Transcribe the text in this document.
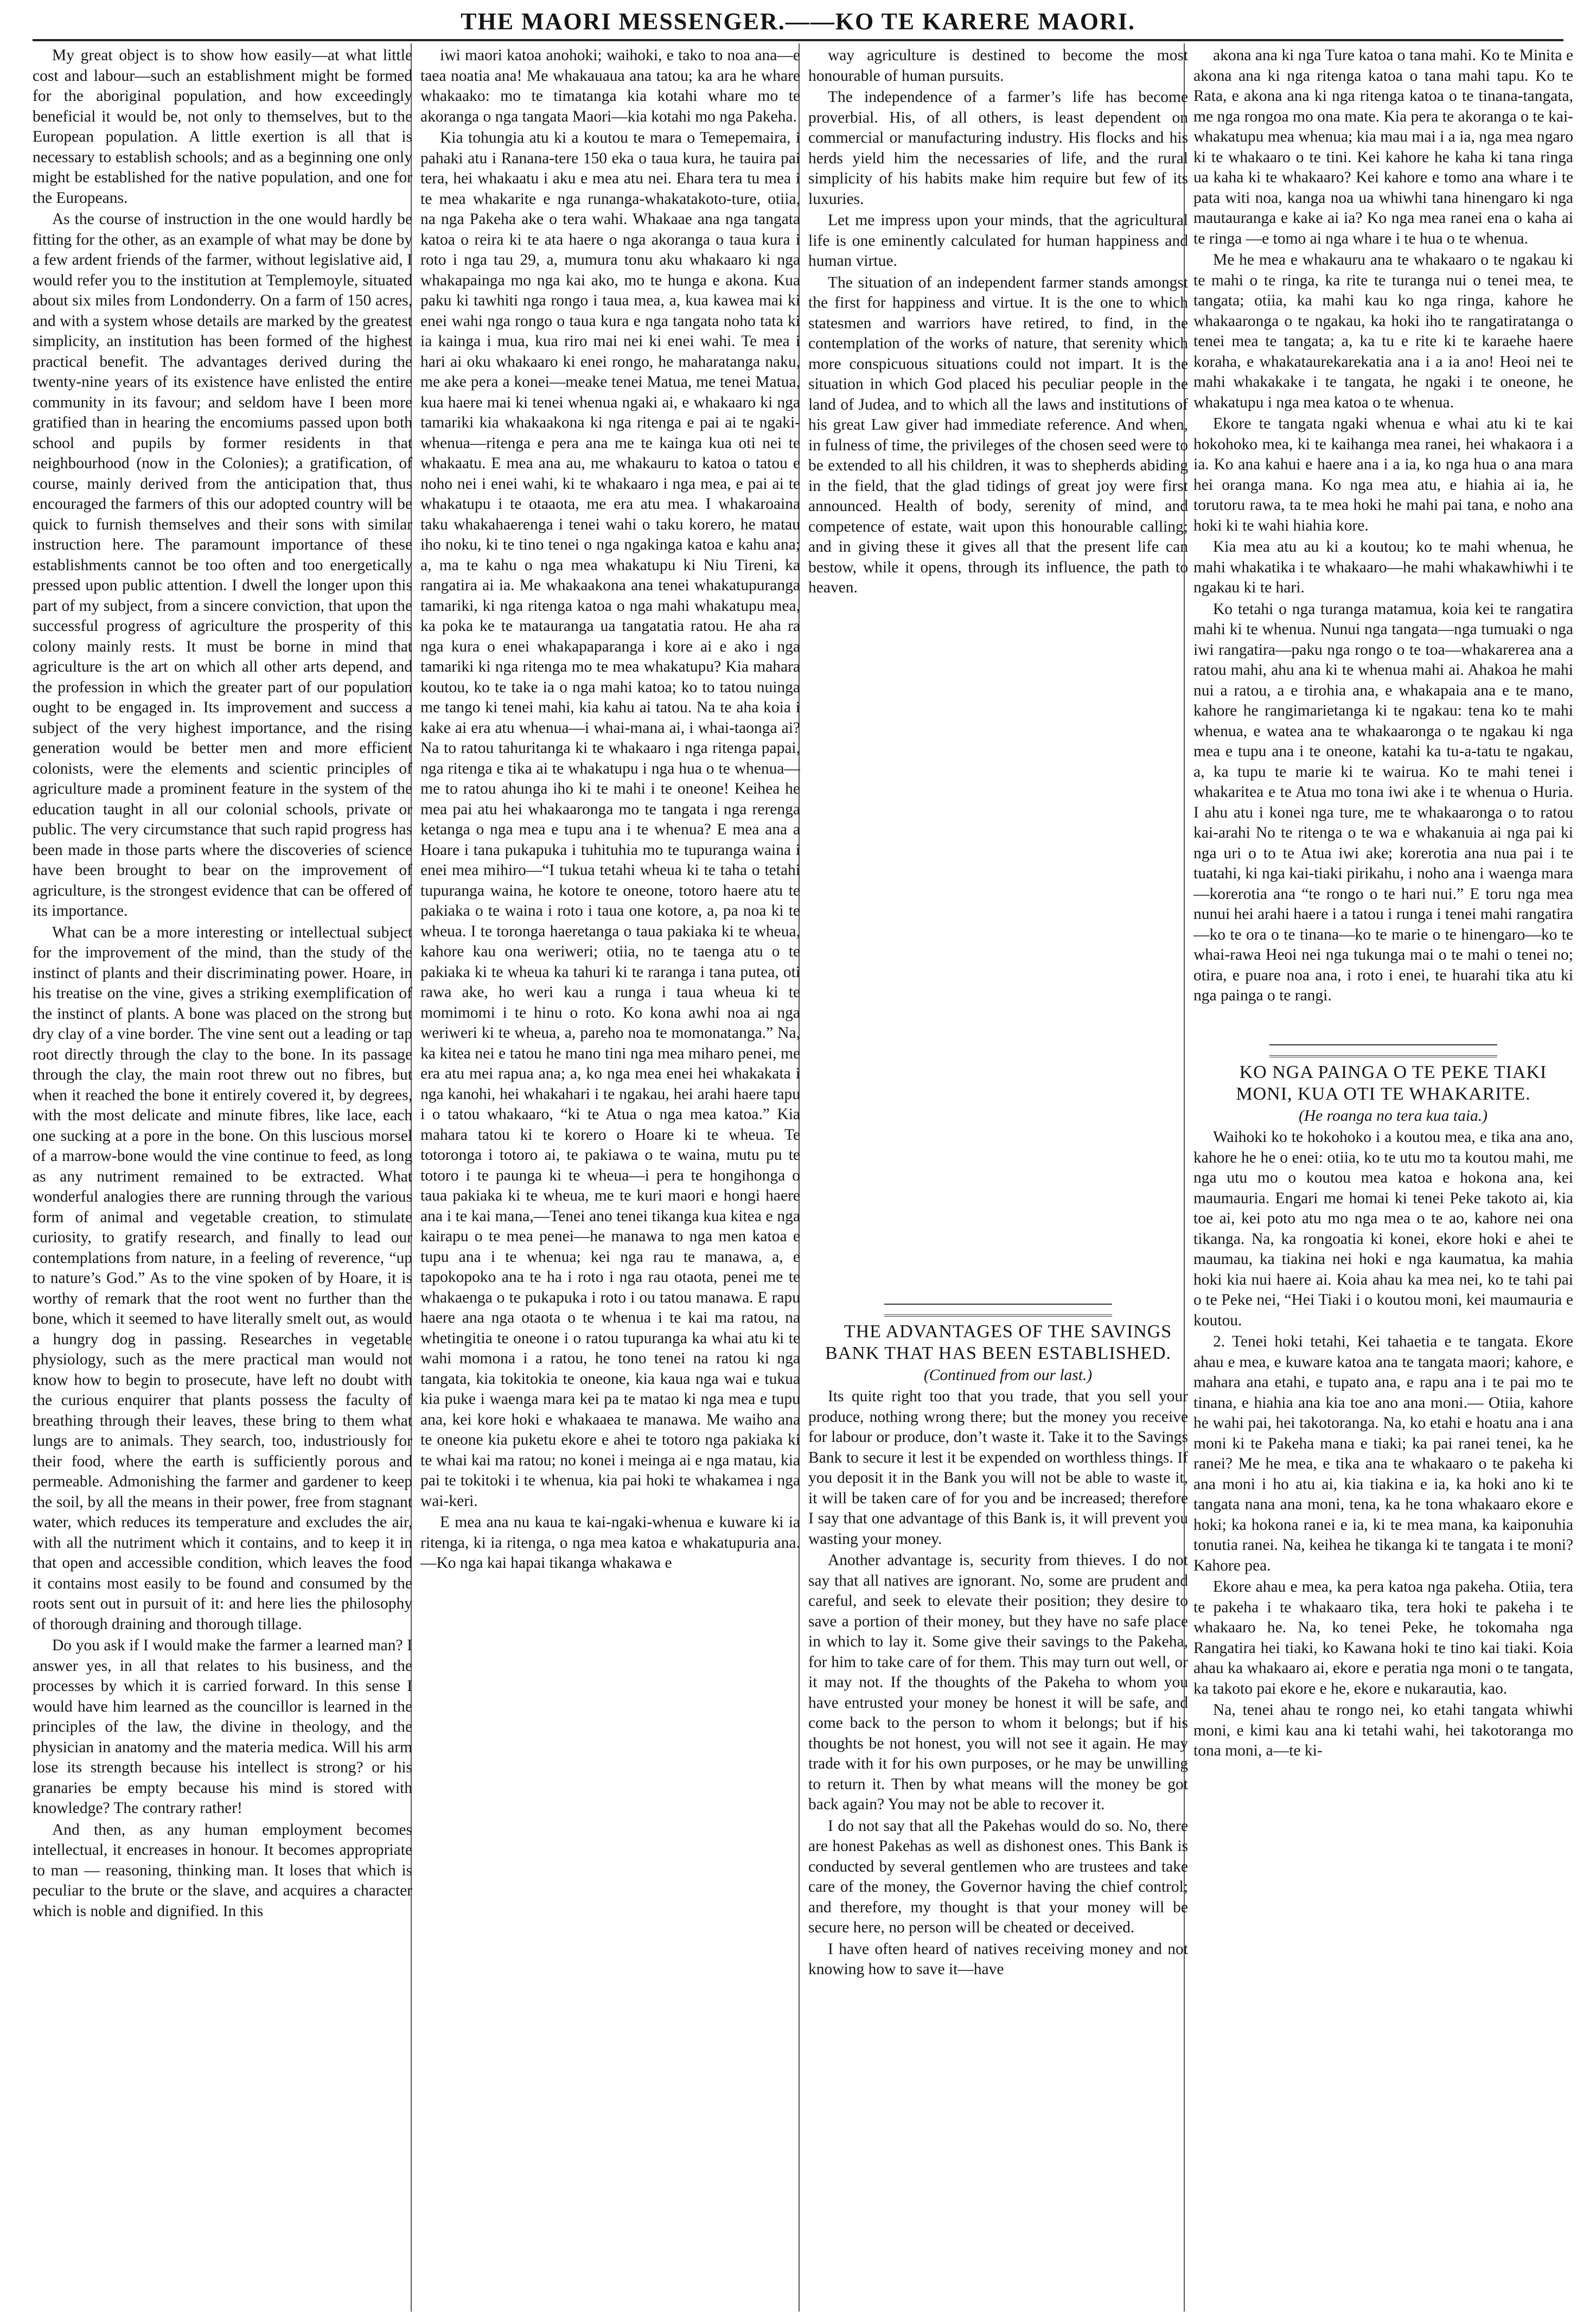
THE MAORI MESSENGER.——KO TE KARERE MAORI.

My great object is to show how easily—at what little cost and labour—such an establishment might be formed for the aboriginal population, and how exceedingly beneficial it would be, not only to themselves, but to the European population. A little exertion is all that is necessary to establish schools; and as a beginning one only might be established for the native population, and one for the Europeans.

As the course of instruction in the one would hardly be fitting for the other, as an example of what may be done by a few ardent friends of the farmer, without legislative aid, I would refer you to the institution at Templemoyle, situated about six miles from Londonderry. On a farm of 150 acres, and with a system whose details are marked by the greatest simplicity, an institution has been formed of the highest practical benefit. The advantages derived during the twenty-nine years of its existence have enlisted the entire community in its favour; and seldom have I been more gratified than in hearing the encomiums passed upon both school and pupils by former residents in that neighbourhood (now in the Colonies); a gratification, of course, mainly derived from the anticipation that, thus encouraged the farmers of this our adopted country will be quick to furnish themselves and their sons with similar instruction here. The paramount importance of these establishments cannot be too often and too energetically pressed upon public attention. I dwell the longer upon this part of my subject, from a sincere conviction, that upon the successful progress of agriculture the prosperity of this colony mainly rests. It must be borne in mind that agriculture is the art on which all other arts depend, and the profession in which the greater part of our population ought to be engaged in. Its improvement and success a subject of the very highest importance, and the rising generation would be better men and more efficient colonists, were the elements and scientic principles of agriculture made a prominent feature in the system of the education taught in all our colonial schools, private or public. The very circumstance that such rapid progress has been made in those parts where the discoveries of science have been brought to bear on the improvement of agriculture, is the strongest evidence that can be offered of its importance.

What can be a more interesting or intellectual subject for the improvement of the mind, than the study of the instinct of plants and their discriminating power. Hoare, in his treatise on the vine, gives a striking exemplification of the instinct of plants. A bone was placed on the strong but dry clay of a vine border. The vine sent out a leading or tap root directly through the clay to the bone. In its passage through the clay, the main root threw out no fibres, but when it reached the bone it entirely covered it, by degrees, with the most delicate and minute fibres, like lace, each one sucking at a pore in the bone. On this luscious morsel of a marrow-bone would the vine continue to feed, as long as any nutriment remained to be extracted. What wonderful analogies there are running through the various form of animal and vegetable creation, to stimulate curiosity, to gratify research, and finally to lead our contemplations from nature, in a feeling of reverence, “up to nature’s God.” As to the vine spoken of by Hoare, it is worthy of remark that the root went no further than the bone, which it seemed to have literally smelt out, as would a hungry dog in passing. Researches in vegetable physiology, such as the mere practical man would not know how to begin to prosecute, have left no doubt with the curious enquirer that plants possess the faculty of breathing through their leaves, these bring to them what lungs are to animals. They search, too, industriously for their food, where the earth is sufficiently porous and permeable. Admonishing the farmer and gardener to keep the soil, by all the means in their power, free from stagnant water, which reduces its temperature and excludes the air, with all the nutriment which it contains, and to keep it in that open and accessible condition, which leaves the food it contains most easily to be found and consumed by the roots sent out in pursuit of it: and here lies the philosophy of thorough draining and thorough tillage.

Do you ask if I would make the farmer a learned man? I answer yes, in all that relates to his business, and the processes by which it is carried forward. In this sense I would have him learned as the councillor is learned in the principles of the law, the divine in theology, and the physician in anatomy and the materia medica. Will his arm lose its strength because his intellect is strong? or his granaries be empty because his mind is stored with knowledge? The contrary rather!

And then, as any human employment becomes intellectual, it encreases in honour. It becomes appropriate to man — reasoning, thinking man. It loses that which is peculiar to the brute or the slave, and acquires a character which is noble and dignified. In this

iwi maori katoa anohoki; waihoki, e tako to noa ana—e taea noatia ana! Me whakauaua ana tatou; ka ara he whare whakaako: mo te timatanga kia kotahi whare mo te akoranga o nga tangata Maori—kia kotahi mo nga Pakeha.

Kia tohungia atu ki a koutou te mara o Temepemaira, i pahaki atu i Ranana-tere 150 eka o taua kura, he tauira pai tera, hei whakaatu i aku e mea atu nei. Ehara tera tu mea i te mea whakarite e nga runanga-whakatakoto-ture, otiia, na nga Pakeha ake o tera wahi. Whakaae ana nga tangata katoa o reira ki te ata haere o nga akoranga o taua kura i roto i nga tau 29, a, mumura tonu aku whakaaro ki nga whakapainga mo nga kai ako, mo te hunga e akona. Kua paku ki tawhiti nga rongo i taua mea, a, kua kawea mai ki enei wahi nga rongo o taua kura e nga tangata noho tata ki ia kainga i mua, kua riro mai nei ki enei wahi. Te mea i hari ai oku whakaaro ki enei rongo, he maharatanga naku, me ake pera a konei—meake tenei Matua, me tenei Matua, kua haere mai ki tenei whenua ngaki ai, e whakaaro ki nga tamariki kia whakaakona ki nga ritenga e pai ai te ngaki-whenua—ritenga e pera ana me te kainga kua oti nei te whakaatu. E mea ana au, me whakauru to katoa o tatou e noho nei i enei wahi, ki te whakaaro i nga mea, e pai ai te whakatupu i te otaaota, me era atu mea. I whakaroaina taku whakahaerenga i tenei wahi o taku korero, he matau iho noku, ki te tino tenei o nga ngakinga katoa e kahu ana; a, ma te kahu o nga mea whakatupu ki Niu Tireni, ka rangatira ai ia. Me whakaakona ana tenei whakatupuranga tamariki, ki nga ritenga katoa o nga mahi whakatupu mea, ka poka ke te matauranga ua tangatatia ratou. He aha ra nga kura o enei whakapaparanga i kore ai e ako i nga tamariki ki nga ritenga mo te mea whakatupu? Kia mahara koutou, ko te take ia o nga mahi katoa; ko to tatou nuinga me tango ki tenei mahi, kia kahu ai tatou. Na te aha koia i kake ai era atu whenua—i whai-mana ai, i whai-taonga ai? Na to ratou tahuritanga ki te whakaaro i nga ritenga papai, nga ritenga e tika ai te whakatupu i nga hua o te whenua—me to ratou ahunga iho ki te mahi i te oneone! Keihea he mea pai atu hei whakaaronga mo te tangata i nga rerenga ketanga o nga mea e tupu ana i te whenua? E mea ana a Hoare i tana pukapuka i tuhituhia mo te tupuranga waina i enei mea mihiro—“I tukua tetahi wheua ki te taha o tetahi tupuranga waina, he kotore te oneone, totoro haere atu te pakiaka o te waina i roto i taua one kotore, a, pa noa ki te wheua. I te toronga haeretanga o taua pakiaka ki te wheua, kahore kau ona weriweri; otiia, no te taenga atu o te pakiaka ki te wheua ka tahuri ki te raranga i tana putea, oti rawa ake, ho weri kau a runga i taua wheua ki te momimomi i te hinu o roto. Ko kona awhi noa ai nga weriweri ki te wheua, a, pareho noa te momonatanga.” Na, ka kitea nei e tatou he mano tini nga mea miharo penei, me era atu mei rapua ana; a, ko nga mea enei hei whakakata i nga kanohi, hei whakahari i te ngakau, hei arahi haere tapu i o tatou whakaaro, “ki te Atua o nga mea katoa.” Kia mahara tatou ki te korero o Hoare ki te wheua. Te totoronga i totoro ai, te pakiawa o te waina, mutu pu te totoro i te paunga ki te wheua—i pera te hongihonga o taua pakiaka ki te wheua, me te kuri maori e hongi haere ana i te kai mana,—Tenei ano tenei tikanga kua kitea e nga kairapu o te mea penei—he manawa to nga men katoa e tupu ana i te whenua; kei nga rau te manawa, a, e tapokopoko ana te ha i roto i nga rau otaota, penei me te whakaenga o te pukapuka i roto i ou tatou manawa. E rapu haere ana nga otaota o te whenua i te kai ma ratou, na whetingitia te oneone i o ratou tupuranga ka whai atu ki te wahi momona i a ratou, he tono tenei na ratou ki nga tangata, kia tokitokia te oneone, kia kaua nga wai e tukua kia puke i waenga mara kei pa te matao ki nga mea e tupu ana, kei kore hoki e whakaaea te manawa. Me waiho ana te oneone kia puketu ekore e ahei te totoro nga pakiaka ki te whai kai ma ratou; no konei i meinga ai e nga matau, kia pai te tokitoki i te whenua, kia pai hoki te whakamea i nga wai-keri.

E mea ana nu kaua te kai-ngaki-whenua e kuware ki ia ritenga, ki ia ritenga, o nga mea katoa e whakatupuria ana.—Ko nga kai hapai tikanga whakawa e

way agriculture is destined to become the most honourable of human pursuits.

The independence of a farmer’s life has become proverbial. His, of all others, is least dependent on commercial or manufacturing industry. His flocks and his herds yield him the necessaries of life, and the rural simplicity of his habits make him require but few of its luxuries.

Let me impress upon your minds, that the agricultural life is one eminently calculated for human happiness and human virtue.

The situation of an independent farmer stands amongst the first for happiness and virtue. It is the one to which statesmen and warriors have retired, to find, in the contemplation of the works of nature, that serenity which more conspicuous situations could not impart. It is the situation in which God placed his peculiar people in the land of Judea, and to which all the laws and institutions of his great Law giver had immediate reference. And when, in fulness of time, the privileges of the chosen seed were to be extended to all his children, it was to shepherds abiding in the field, that the glad tidings of great joy were first announced. Health of body, serenity of mind, and competence of estate, wait upon this honourable calling; and in giving these it gives all that the present life can bestow, while it opens, through its influence, the path to heaven.

THE ADVANTAGES OF THE SAVINGS BANK THAT HAS BEEN ESTABLISHED.

(Continued from our last.)

Its quite right too that you trade, that you sell your produce, nothing wrong there; but the money you receive for labour or produce, don’t waste it. Take it to the Savings Bank to secure it lest it be expended on worthless things. If you deposit it in the Bank you will not be able to waste it, it will be taken care of for you and be increased; therefore I say that one advantage of this Bank is, it will prevent you wasting your money.

Another advantage is, security from thieves. I do not say that all natives are ignorant. No, some are prudent and careful, and seek to elevate their position; they desire to save a portion of their money, but they have no safe place in which to lay it. Some give their savings to the Pakeha, for him to take care of for them. This may turn out well, or it may not. If the thoughts of the Pakeha to whom you have entrusted your money be honest it will be safe, and come back to the person to whom it belongs; but if his thoughts be not honest, you will not see it again. He may trade with it for his own purposes, or he may be unwilling to return it. Then by what means will the money be got back again? You may not be able to recover it.

I do not say that all the Pakehas would do so. No, there are honest Pakehas as well as dishonest ones. This Bank is conducted by several gentlemen who are trustees and take care of the money, the Governor having the chief control; and therefore, my thought is that your money will be secure here, no person will be cheated or deceived.

I have often heard of natives receiving money and not knowing how to save it—have

akona ana ki nga Ture katoa o tana mahi. Ko te Minita e akona ana ki nga ritenga katoa o tana mahi tapu. Ko te Rata, e akona ana ki nga ritenga katoa o te tinana-tangata, me nga rongoa mo ona mate. Kia pera te akoranga o te kai-whakatupu mea whenua; kia mau mai i a ia, nga mea ngaro ki te whakaaro o te tini. Kei kahore he kaha ki tana ringa ua kaha ki te whakaaro? Kei kahore e tomo ana whare i te pata witi noa, kanga noa ua whiwhi tana hinengaro ki nga mautauranga e kake ai ia? Ko nga mea ranei ena o kaha ai te ringa —e tomo ai nga whare i te hua o te whenua.

Me he mea e whakauru ana te whakaaro o te ngakau ki te mahi o te ringa, ka rite te turanga nui o tenei mea, te tangata; otiia, ka mahi kau ko nga ringa, kahore he whakaaronga o te ngakau, ka hoki iho te rangatiratanga o tenei mea te tangata; a, ka tu e rite ki te karaehe haere koraha, e whakataurekarekatia ana i a ia ano! Heoi nei te mahi whakakake i te tangata, he ngaki i te oneone, he whakatupu i nga mea katoa o te whenua.

Ekore te tangata ngaki whenua e whai atu ki te kai hokohoko mea, ki te kaihanga mea ranei, hei whakaora i a ia. Ko ana kahui e haere ana i a ia, ko nga hua o ana mara hei oranga mana. Ko nga mea atu, e hiahia ai ia, he torutoru rawa, ta te mea hoki he mahi pai tana, e noho ana hoki ki te wahi hiahia kore.

Kia mea atu au ki a koutou; ko te mahi whenua, he mahi whakatika i te whakaaro—he mahi whakawhiwhi i te ngakau ki te hari.

Ko tetahi o nga turanga matamua, koia kei te rangatira mahi ki te whenua. Nunui nga tangata—nga tumuaki o nga iwi rangatira—paku nga rongo o te toa—whakarerea ana a ratou mahi, ahu ana ki te whenua mahi ai. Ahakoa he mahi nui a ratou, a e tirohia ana, e whakapaia ana e te mano, kahore he rangimarietanga ki te ngakau: tena ko te mahi whenua, e watea ana te whakaaronga o te ngakau ki nga mea e tupu ana i te oneone, katahi ka tu-a-tatu te ngakau, a, ka tupu te marie ki te wairua. Ko te mahi tenei i whakaritea e te Atua mo tona iwi ake i te whenua o Huria. I ahu atu i konei nga ture, me te whakaaronga o to ratou kai-arahi No te ritenga o te wa e whakanuia ai nga pai ki nga uri o to te Atua iwi ake; korerotia ana nua pai i te tuatahi, ki nga kai-tiaki pirikahu, i noho ana i waenga mara—korerotia ana “te rongo o te hari nui.” E toru nga mea nunui hei arahi haere i a tatou i runga i tenei mahi rangatira—ko te ora o te tinana—ko te marie o te hinengaro—ko te whai-rawa Heoi nei nga tukunga mai o te mahi o tenei no; otira, e puare noa ana, i roto i enei, te huarahi tika atu ki nga painga o te rangi.

KO NGA PAINGA O TE PEKE TIAKI MONI, KUA OTI TE WHAKARITE.

(He roanga no tera kua taia.)

Waihoki ko te hokohoko i a koutou mea, e tika ana ano, kahore he he o enei: otiia, ko te utu mo ta koutou mahi, me nga utu mo o koutou mea katoa e hokona ana, kei maumauria. Engari me homai ki tenei Peke takoto ai, kia toe ai, kei poto atu mo nga mea o te ao, kahore nei ona tikanga. Na, ka rongoatia ki konei, ekore hoki e ahei te maumau, ka tiakina nei hoki e nga kaumatua, ka mahia hoki kia nui haere ai. Koia ahau ka mea nei, ko te tahi pai o te Peke nei, “Hei Tiaki i o koutou moni, kei maumauria e koutou.

2. Tenei hoki tetahi, Kei tahaetia e te tangata. Ekore ahau e mea, e kuware katoa ana te tangata maori; kahore, e mahara ana etahi, e tupato ana, e rapu ana i te pai mo te tinana, e hiahia ana kia toe ano ana moni.— Otiia, kahore he wahi pai, hei takotoranga. Na, ko etahi e hoatu ana i ana moni ki te Pakeha mana e tiaki; ka pai ranei tenei, ka he ranei? Me he mea, e tika ana te whakaaro o te pakeha ki ana moni i ho atu ai, kia tiakina e ia, ka hoki ano ki te tangata nana ana moni, tena, ka he tona whakaaro ekore e hoki; ka hokona ranei e ia, ki te mea mana, ka kaiponuhia tonutia ranei. Na, keihea he tikanga ki te tangata i te moni? Kahore pea.

Ekore ahau e mea, ka pera katoa nga pakeha. Otiia, tera te pakeha i te whakaaro tika, tera hoki te pakeha i te whakaaro he. Na, ko tenei Peke, he tokomaha nga Rangatira hei tiaki, ko Kawana hoki te tino kai tiaki. Koia ahau ka whakaaro ai, ekore e peratia nga moni o te tangata, ka takoto pai ekore e he, ekore e nukarautia, kao.

Na, tenei ahau te rongo nei, ko etahi tangata whiwhi moni, e kimi kau ana ki tetahi wahi, hei takotoranga mo tona moni, a—te ki-
